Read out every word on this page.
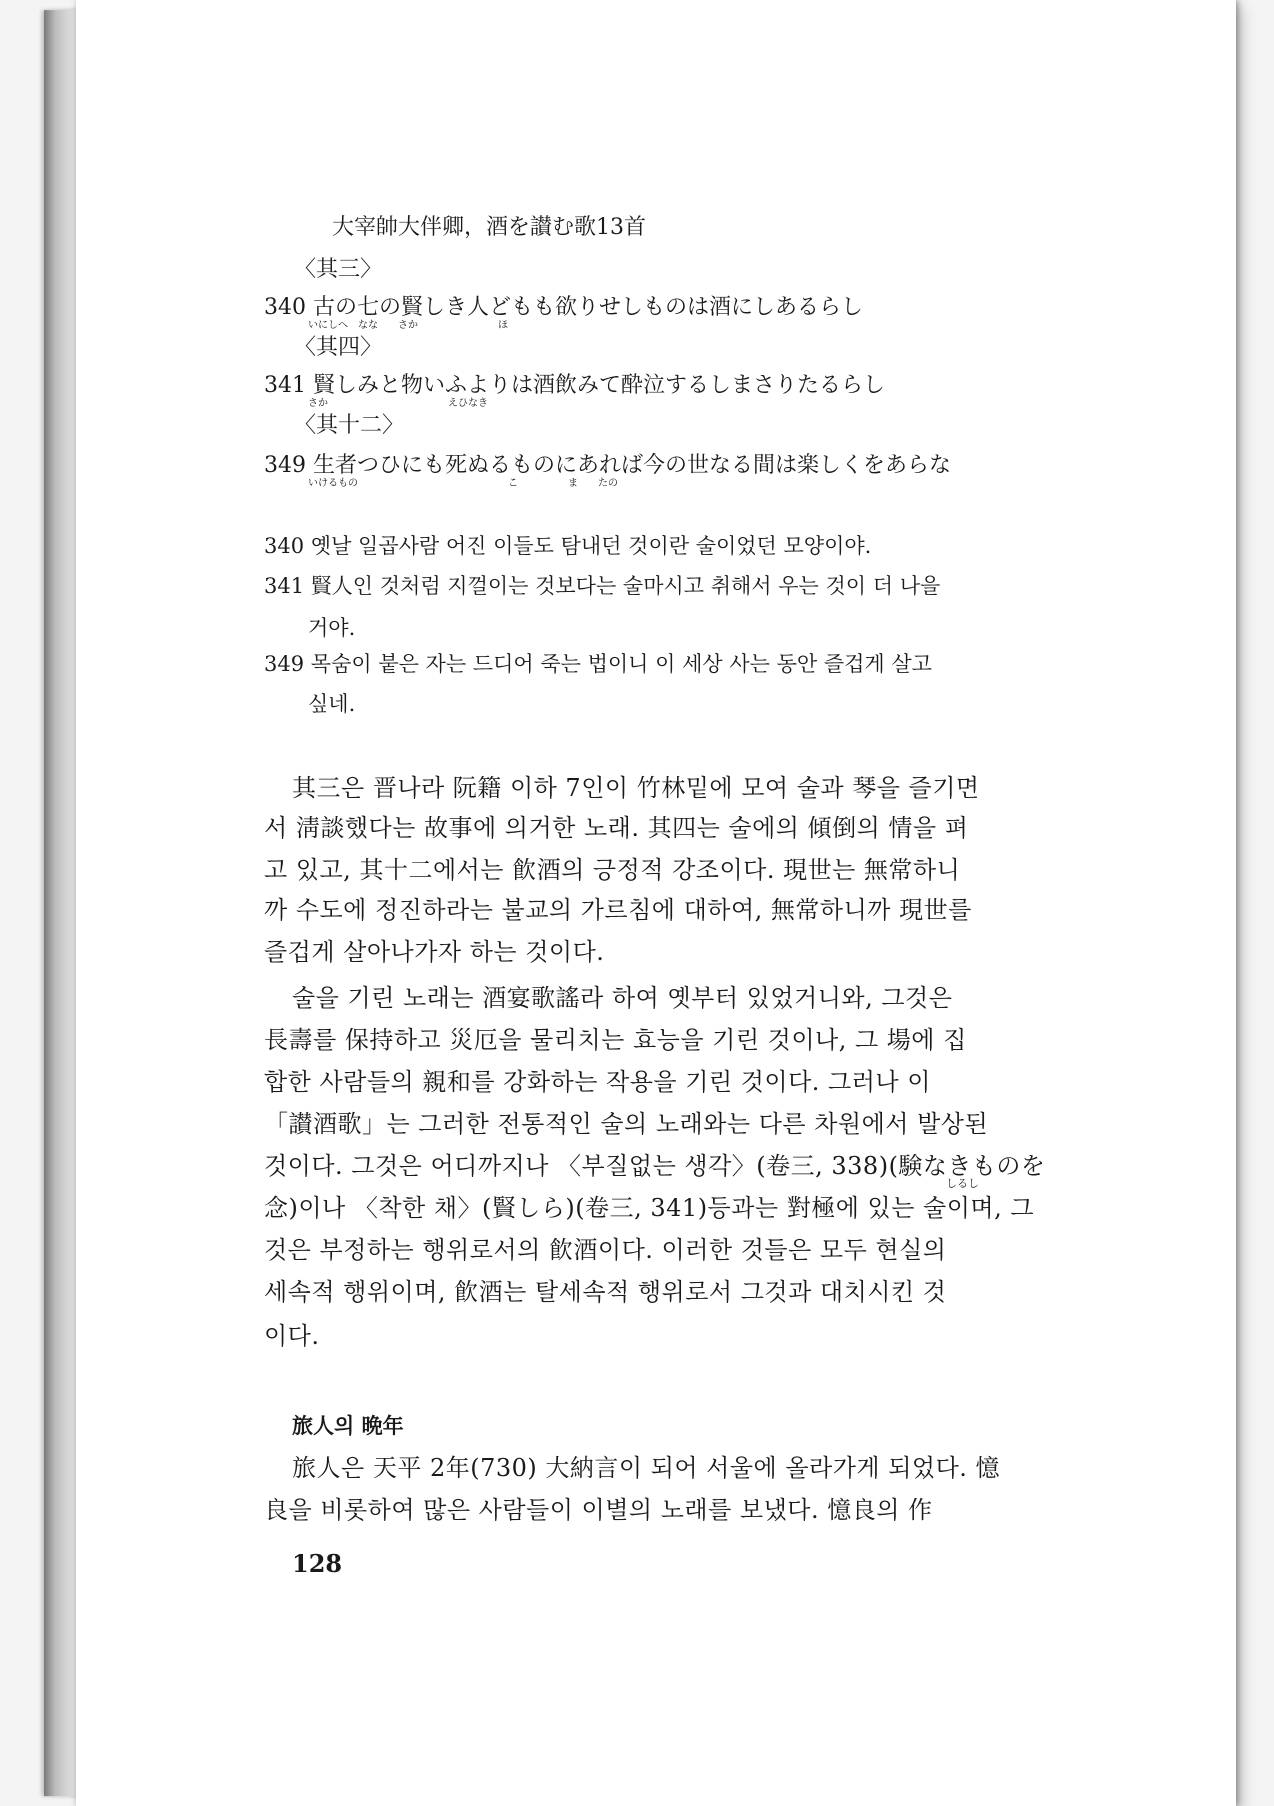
大宰帥大伴卿，酒を讃む歌13首
〈其三〉
340 古の七の賢しき人どもも欲りせしものは酒にしあるらし
いにしへ　なな　　さか　　　　　　　　ほ
〈其四〉
341 賢しみと物いふよりは酒飲みて酔泣するしまさりたるらし
さか　　　　　　　　　　　　えひなき
〈其十二〉
349 生者つひにも死ぬるものにあれば今の世なる間は楽しくをあらな
いけるもの　　　　　　　　　　　　　　　こ　　　　　ま　　たの
340 옛날 일곱사람 어진 이들도 탐내던 것이란 술이었던 모양이야.
341 賢人인 것처럼 지껄이는 것보다는 술마시고 취해서 우는 것이 더 나을
거야.
349 목숨이 붙은 자는 드디어 죽는 법이니 이 세상 사는 동안 즐겁게 살고
싶네.
其三은 晋나라 阮籍 이하 7인이 竹林밑에 모여 술과 琴을 즐기면
서 淸談했다는 故事에 의거한 노래. 其四는 술에의 傾倒의 情을 펴
고 있고, 其十二에서는 飮酒의 긍정적 강조이다. 現世는 無常하니
까 수도에 정진하라는 불교의 가르침에 대하여, 無常하니까 現世를
즐겁게 살아나가자 하는 것이다.
술을 기린 노래는 酒宴歌謠라 하여 옛부터 있었거니와, 그것은
長壽를 保持하고 災厄을 물리치는 효능을 기린 것이나, 그 場에 집
합한 사람들의 親和를 강화하는 작용을 기린 것이다. 그러나 이
「讃酒歌」는 그러한 전통적인 술의 노래와는 다른 차원에서 발상된
것이다. 그것은 어디까지나 〈부질없는 생각〉(卷三, 338)(験なきものを
しるし
念)이나 〈착한 채〉(賢しら)(卷三, 341)등과는 對極에 있는 술이며, 그
것은 부정하는 행위로서의 飮酒이다. 이러한 것들은 모두 현실의
세속적 행위이며, 飮酒는 탈세속적 행위로서 그것과 대치시킨 것
이다.
旅人의 晩年
旅人은 天平 2年(730) 大納言이 되어 서울에 올라가게 되었다. 憶
良을 비롯하여 많은 사람들이 이별의 노래를 보냈다. 憶良의 作
128
